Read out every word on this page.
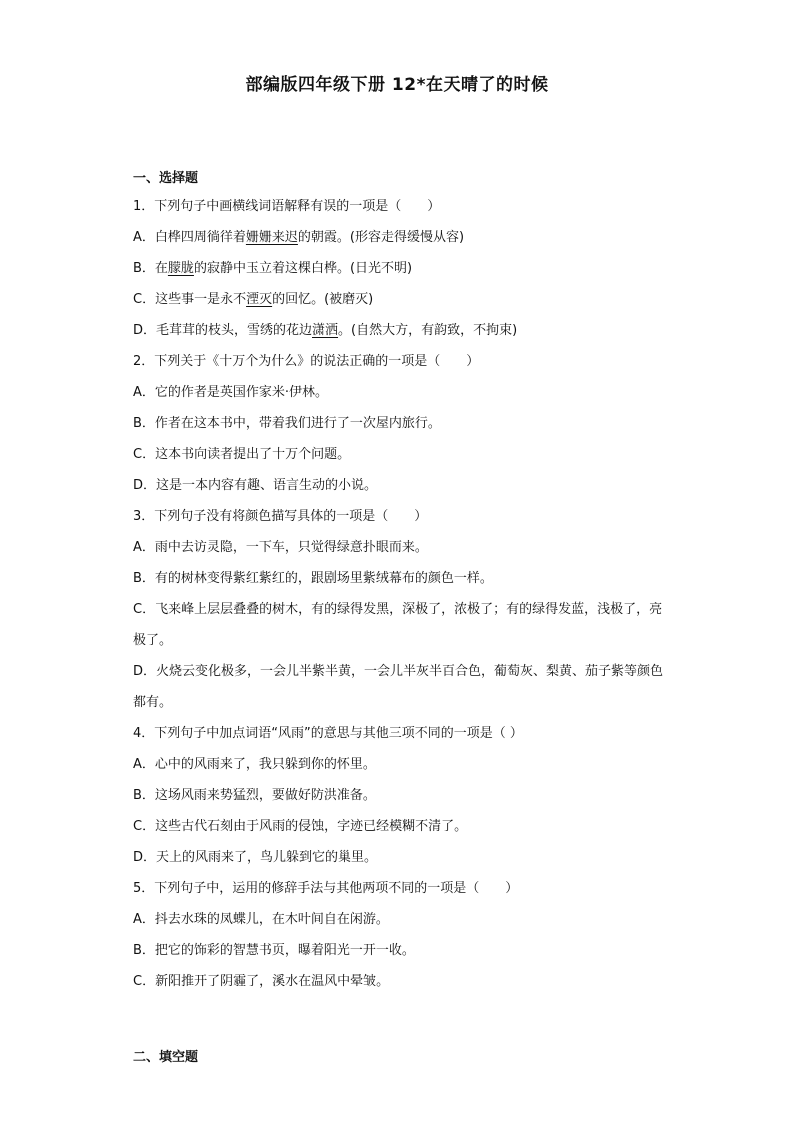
部编版四年级下册 12*在天晴了的时候
一、选择题
1．下列句子中画横线词语解释有误的一项是（　　）
A．白桦四周徜徉着姗姗来迟的朝霞。(形容走得缓慢从容)
B．在朦胧的寂静中玉立着这棵白桦。(日光不明)
C．这些事一是永不湮灭的回忆。(被磨灭)
D．毛茸茸的枝头，雪绣的花边潇洒。(自然大方，有韵致，不拘束)
2．下列关于《十万个为什么》的说法正确的一项是（　　）
A．它的作者是英国作家米·伊林。
B．作者在这本书中，带着我们进行了一次屋内旅行。
C．这本书向读者提出了十万个问题。
D．这是一本内容有趣、语言生动的小说。
3．下列句子没有将颜色描写具体的一项是（　　）
A．雨中去访灵隐，一下车，只觉得绿意扑眼而来。
B．有的树林变得紫红紫红的，跟剧场里紫绒幕布的颜色一样。
C．飞来峰上层层叠叠的树木，有的绿得发黑，深极了，浓极了；有的绿得发蓝，浅极了，亮极了。
D．火烧云变化极多，一会儿半紫半黄，一会儿半灰半百合色，葡萄灰、梨黄、茄子紫等颜色都有。
4．下列句子中加点词语“风雨”的意思与其他三项不同的一项是（ ）
A．心中的风雨来了，我只躲到你的怀里。
B．这场风雨来势猛烈，要做好防洪准备。
C．这些古代石刻由于风雨的侵蚀，字迹已经模糊不清了。
D．天上的风雨来了，鸟儿躲到它的巢里。
5．下列句子中，运用的修辞手法与其他两项不同的一项是（　　）
A．抖去水珠的凤蝶儿，在木叶间自在闲游。
B．把它的饰彩的智慧书页，曝着阳光一开一收。
C．新阳推开了阴霾了，溪水在温风中晕皱。
二、填空题
